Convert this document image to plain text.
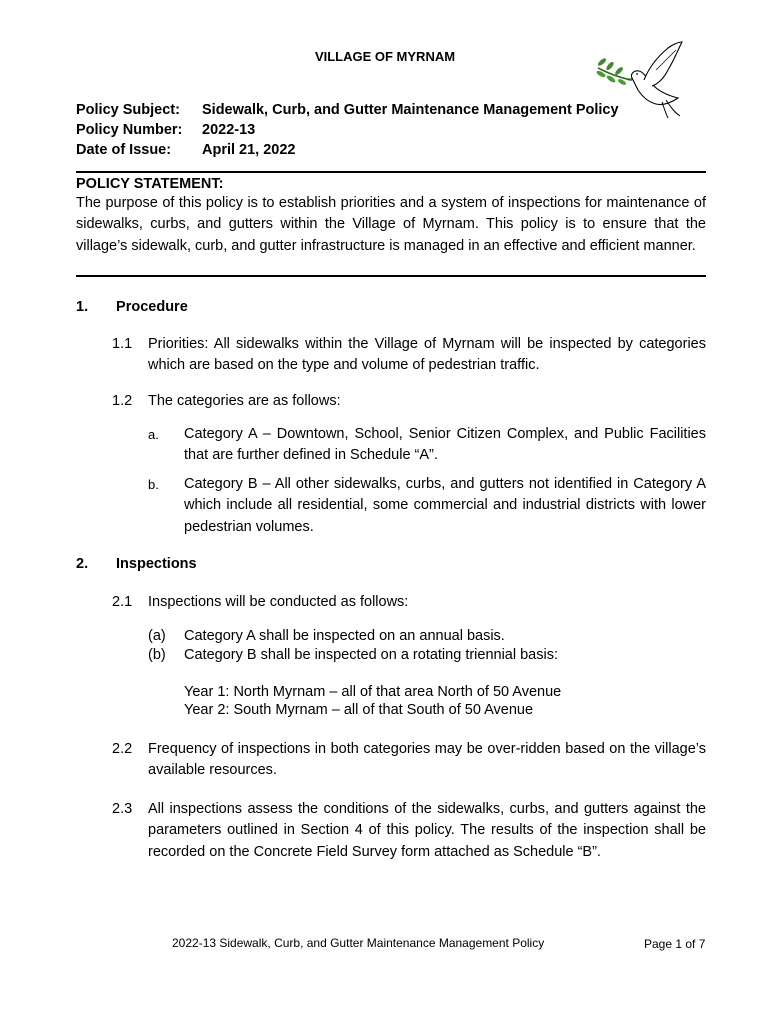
VILLAGE OF MYRNAM
Policy Subject:	Sidewalk, Curb, and Gutter Maintenance Management Policy
Policy Number:	2022-13
Date of Issue:	April 21, 2022
POLICY STATEMENT:
The purpose of this policy is to establish priorities and a system of inspections for maintenance of sidewalks, curbs, and gutters within the Village of Myrnam. This policy is to ensure that the village’s sidewalk, curb, and gutter infrastructure is managed in an effective and efficient manner.
1. Procedure
1.1 Priorities: All sidewalks within the Village of Myrnam will be inspected by categories which are based on the type and volume of pedestrian traffic.
1.2 The categories are as follows:
a. Category A – Downtown, School, Senior Citizen Complex, and Public Facilities that are further defined in Schedule “A”.
b. Category B – All other sidewalks, curbs, and gutters not identified in Category A which include all residential, some commercial and industrial districts with lower pedestrian volumes.
2. Inspections
2.1 Inspections will be conducted as follows:
(a) Category A shall be inspected on an annual basis.
(b) Category B shall be inspected on a rotating triennial basis:
Year 1: North Myrnam – all of that area North of 50 Avenue
Year 2: South Myrnam – all of that South of 50 Avenue
2.2 Frequency of inspections in both categories may be over-ridden based on the village’s available resources.
2.3 All inspections assess the conditions of the sidewalks, curbs, and gutters against the parameters outlined in Section 4 of this policy. The results of the inspection shall be recorded on the Concrete Field Survey form attached as Schedule “B”.
2022-13 Sidewalk, Curb, and Gutter Maintenance Management Policy	Page 1 of 7
